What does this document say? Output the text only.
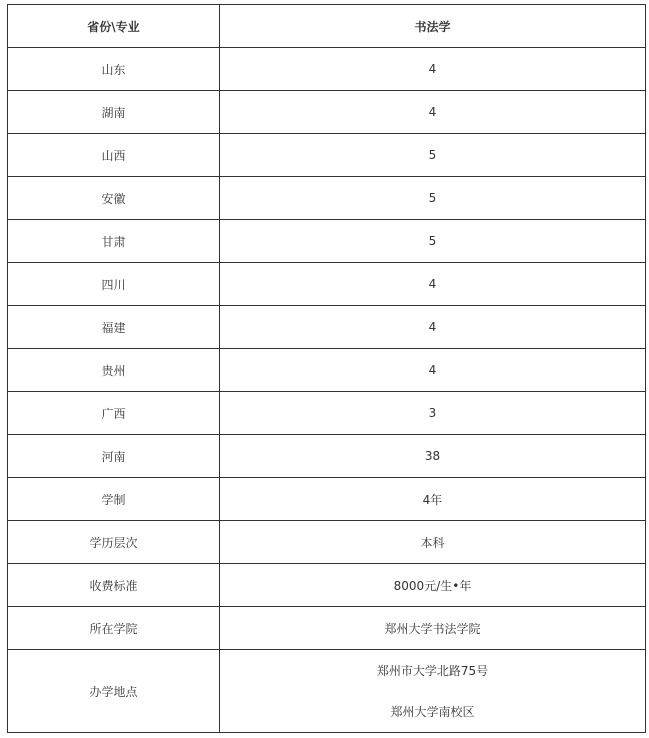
省份\专业	书法学
山东	4
湖南	4
山西	5
安徽	5
甘肃	5
四川	4
福建	4
贵州	4
广西	3
河南	38
学制	4年
学历层次	本科
收费标准	8000元/生•年
所在学院	郑州大学书法学院
办学地点	郑州市大学北路75号
郑州大学南校区
